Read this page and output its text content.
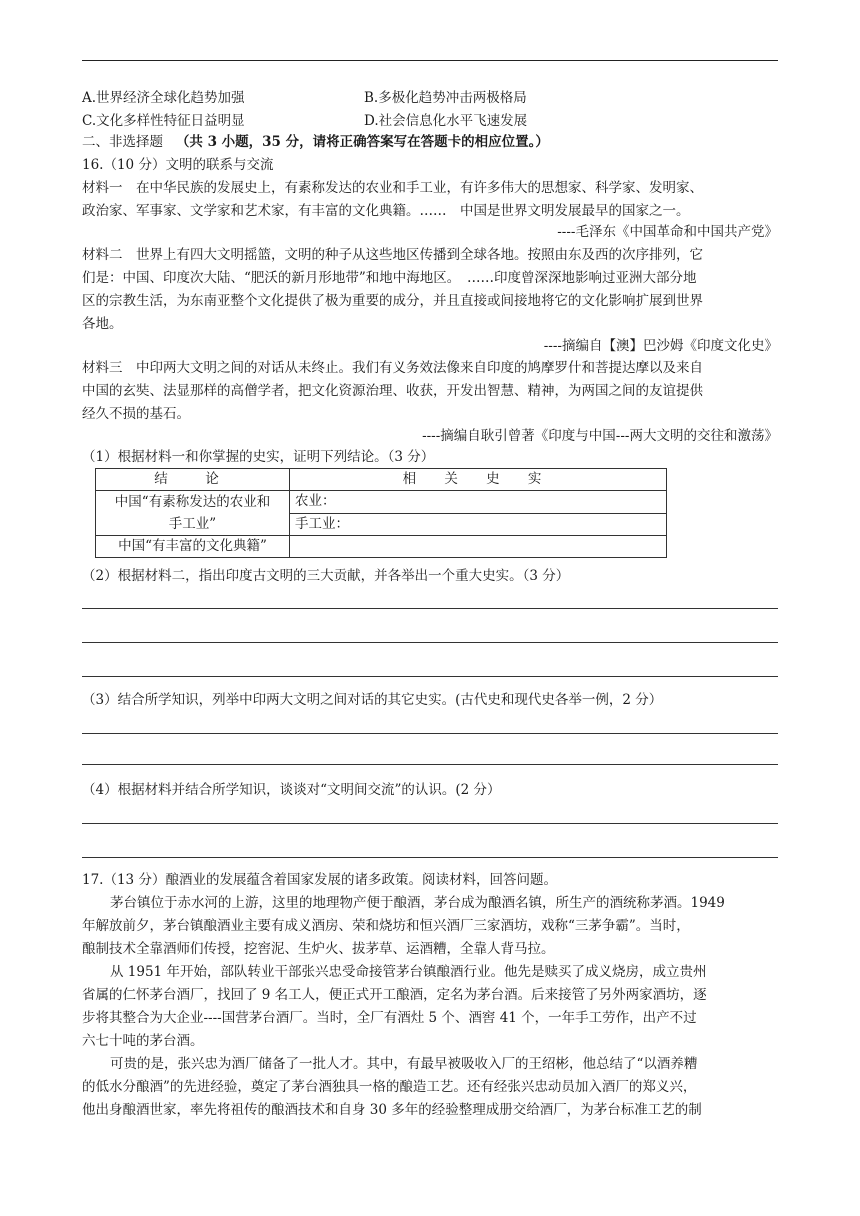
A.世界经济全球化趋势加强	B.多极化趋势冲击两极格局
C.文化多样性特征日益明显	D.社会信息化水平飞速发展
二、非选择题 （共 3 小题，35 分，请将正确答案写在答题卡的相应位置。）
16.（10 分）文明的联系与交流
材料一　在中华民族的发展史上，有素称发达的农业和手工业，有许多伟大的思想家、科学家、发明家、
政治家、军事家、文学家和艺术家，有丰富的文化典籍。……　中国是世界文明发展最早的国家之一。
----毛泽东《中国革命和中国共产党》
材料二　世界上有四大文明摇篮，文明的种子从这些地区传播到全球各地。按照由东及西的次序排列，它
们是：中国、印度次大陆、“肥沃的新月形地带”和地中海地区。　……印度曾深深地影响过亚洲大部分地
区的宗教生活，为东南亚整个文化提供了极为重要的成分，并且直接或间接地将它的文化影响扩展到世界
各地。
----摘编自【澳】巴沙姆《印度文化史》
材料三　中印两大文明之间的对话从未终止。我们有义务效法像来自印度的鸠摩罗什和菩提达摩以及来自
中国的玄奘、法显那样的高僧学者，把文化资源治理、收获，开发出智慧、精神，为两国之间的友谊提供
经久不损的基石。
----摘编自耿引曾著《印度与中国---两大文明的交往和激荡》
（1）根据材料一和你掌握的史实，证明下列结论。（3 分）
结　论	相 关 史 实

中国“有素称发达的农业和
手工业”	农业：
	手工业：
中国“有丰富的文化典籍”	
（2）根据材料二，指出印度古文明的三大贡献，并各举出一个重大史实。（3 分）
（3）结合所学知识，列举中印两大文明之间对话的其它史实。(古代史和现代史各举一例，2 分）
（4）根据材料并结合所学知识，谈谈对“文明间交流”的认识。(2 分）
17.（13 分）酿酒业的发展蕴含着国家发展的诸多政策。阅读材料，回答问题。
茅台镇位于赤水河的上游，这里的地理物产便于酿酒，茅台成为酿酒名镇，所生产的酒统称茅酒。1949
年解放前夕，茅台镇酿酒业主要有成义酒房、荣和烧坊和恒兴酒厂三家酒坊，戏称“三茅争霸”。当时，
酿制技术全靠酒师们传授，挖窖泥、生炉火、拔茅草、运酒糟，全靠人背马拉。
从 1951 年开始，部队转业干部张兴忠受命接管茅台镇酿酒行业。他先是赎买了成义烧房，成立贵州
省属的仁怀茅台酒厂，找回了 9 名工人，便正式开工酿酒，定名为茅台酒。后来接管了另外两家酒坊，逐
步将其整合为大企业----国营茅台酒厂。当时，全厂有酒灶 5 个、酒窖 41 个，一年手工劳作，出产不过
六七十吨的茅台酒。
可贵的是，张兴忠为酒厂储备了一批人才。其中，有最早被吸收入厂的王绍彬，他总结了“以酒养糟
的低水分酿酒”的先进经验，奠定了茅台酒独具一格的酿造工艺。还有经张兴忠动员加入酒厂的郑义兴，
他出身酿酒世家，率先将祖传的酿酒技术和自身 30 多年的经验整理成册交给酒厂，为茅台标准工艺的制
